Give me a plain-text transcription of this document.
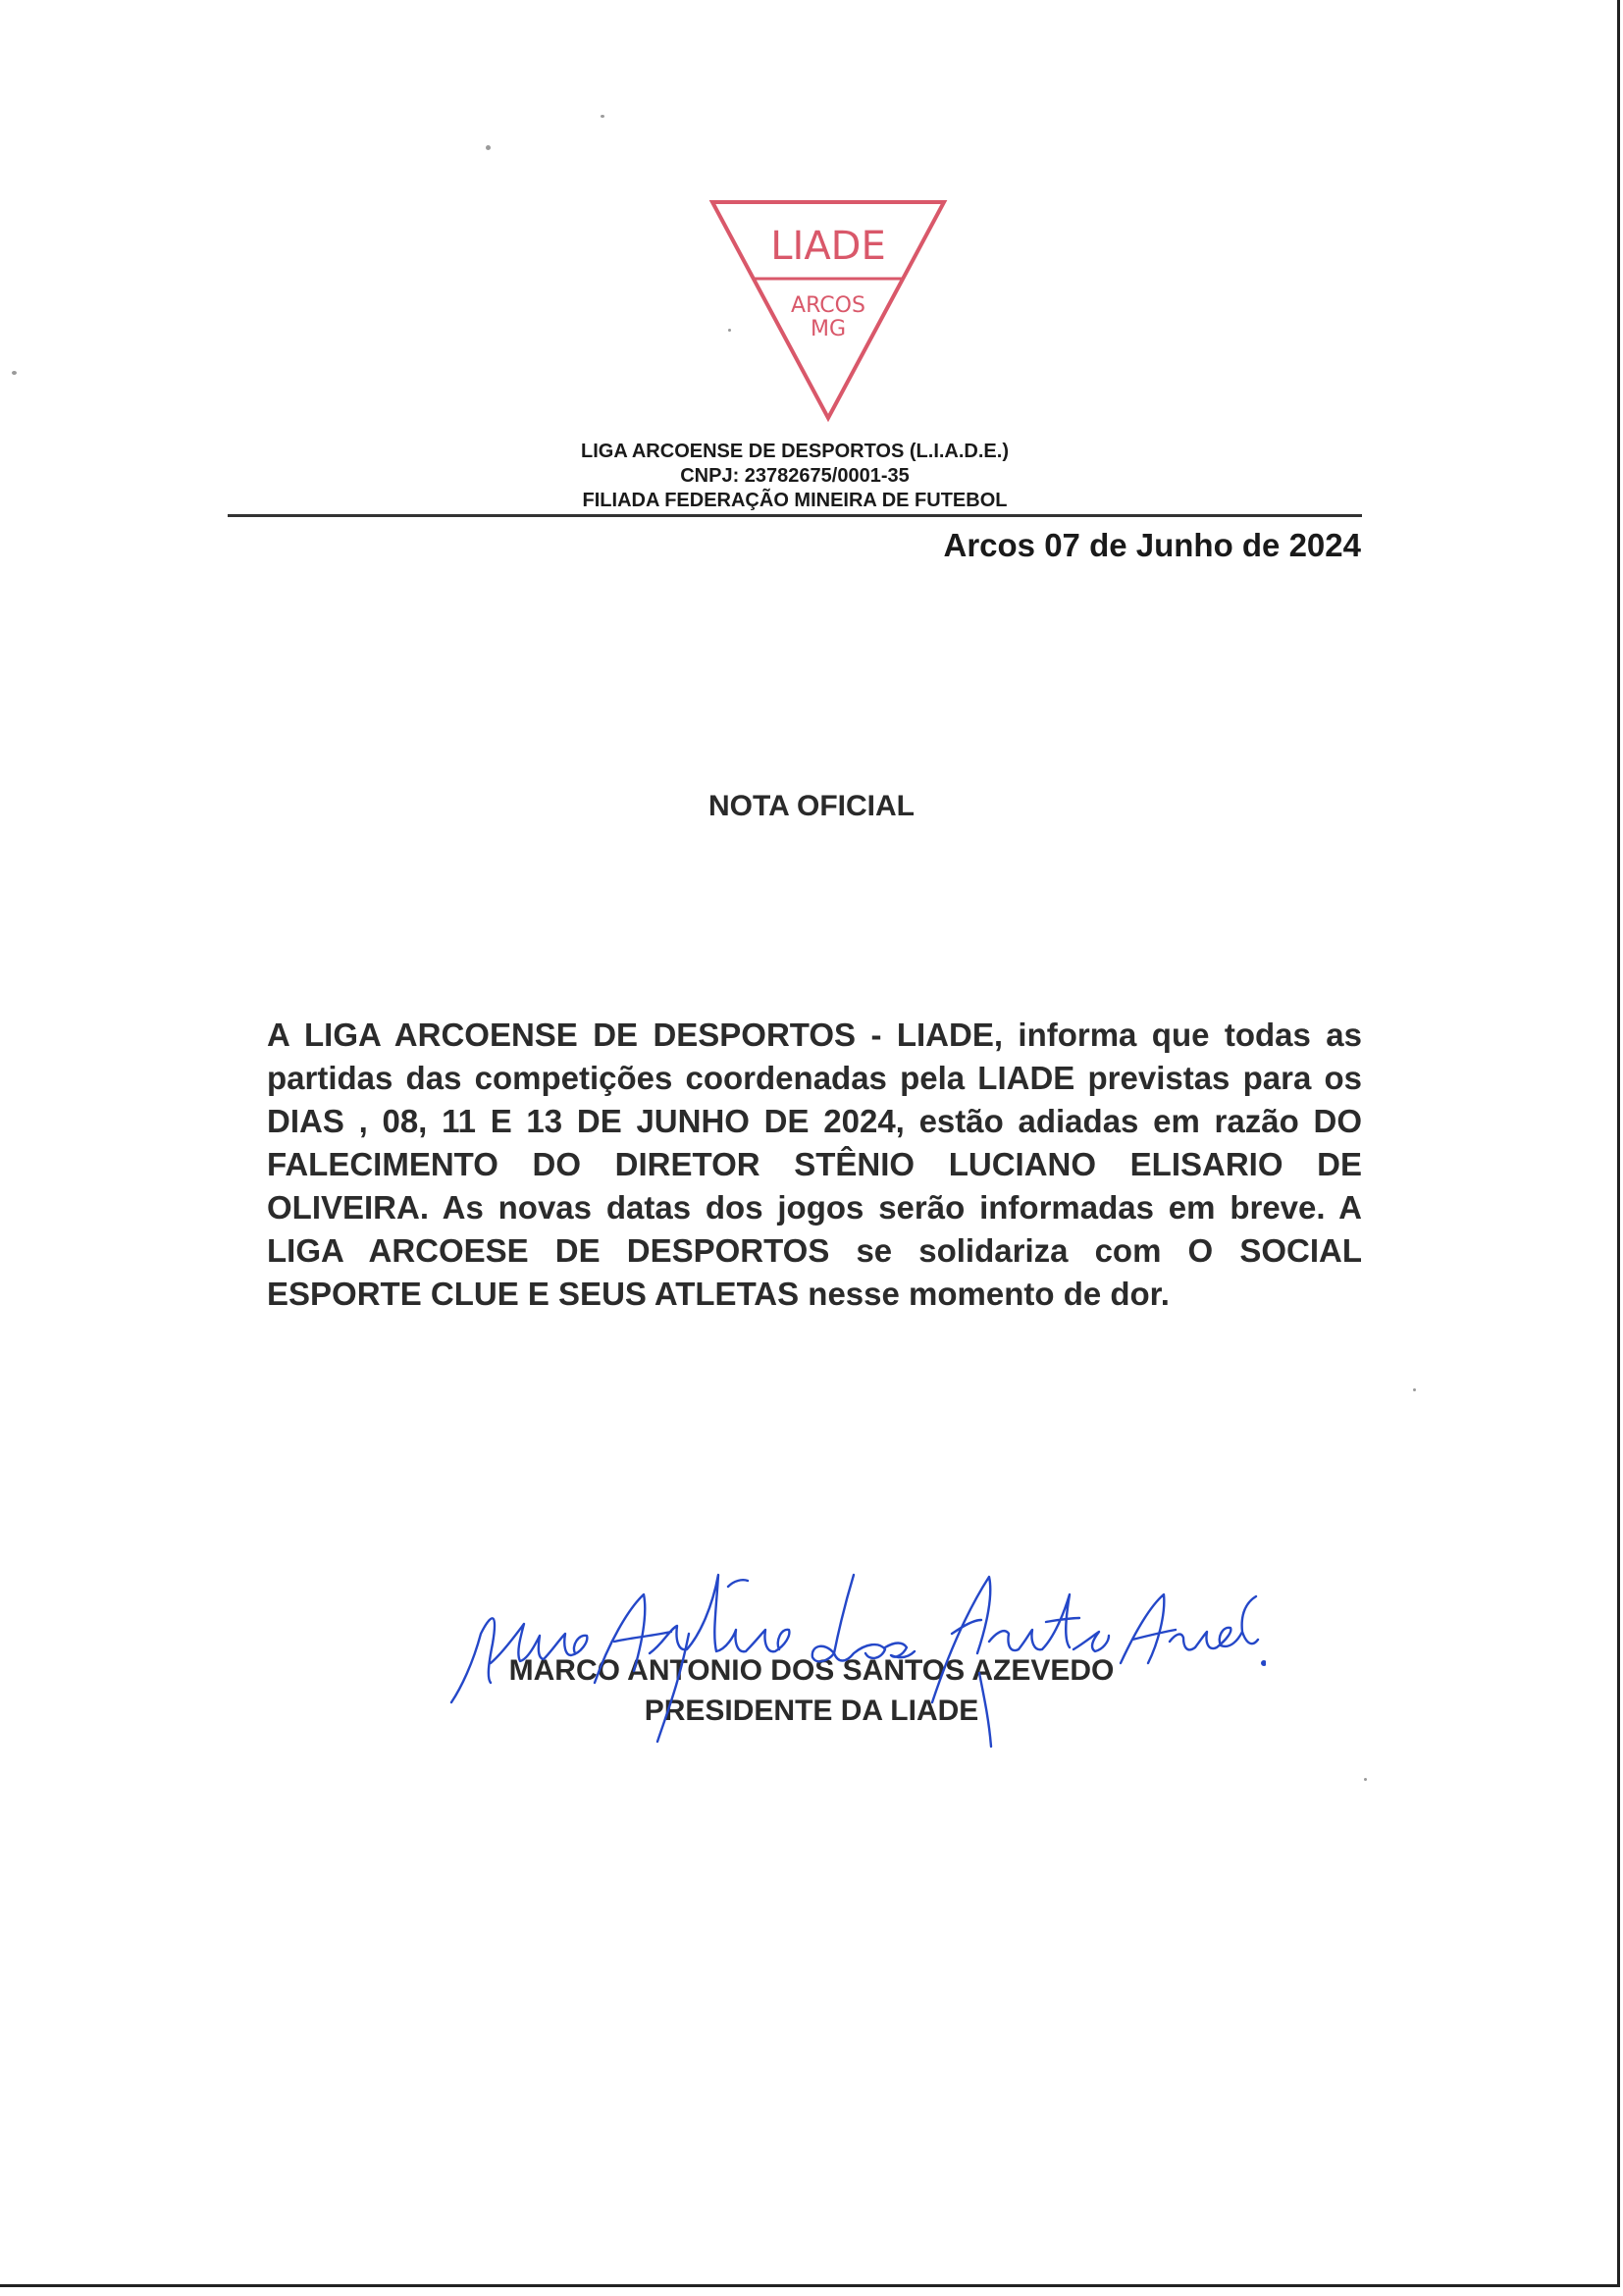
LIADE
ARCOS
MG
LIGA ARCOENSE DE DESPORTOS (L.I.A.D.E.)
CNPJ: 23782675/0001-35
FILIADA FEDERAÇÃO MINEIRA DE FUTEBOL
Arcos 07 de Junho de 2024
NOTA OFICIAL
A LIGA ARCOENSE DE DESPORTOS - LIADE, informa que todas as partidas das competições coordenadas pela LIADE previstas para os DIAS , 08, 11 E 13 DE JUNHO DE 2024, estão adiadas em razão DO FALECIMENTO DO DIRETOR STÊNIO LUCIANO ELISARIO DE OLIVEIRA. As novas datas dos jogos serão informadas em breve. A LIGA ARCOESE DE DESPORTOS se solidariza com O SOCIAL ESPORTE CLUE E SEUS ATLETAS nesse momento de dor.
MARCO ANTONIO DOS SANTOS AZEVEDO
PRESIDENTE DA LIADE
